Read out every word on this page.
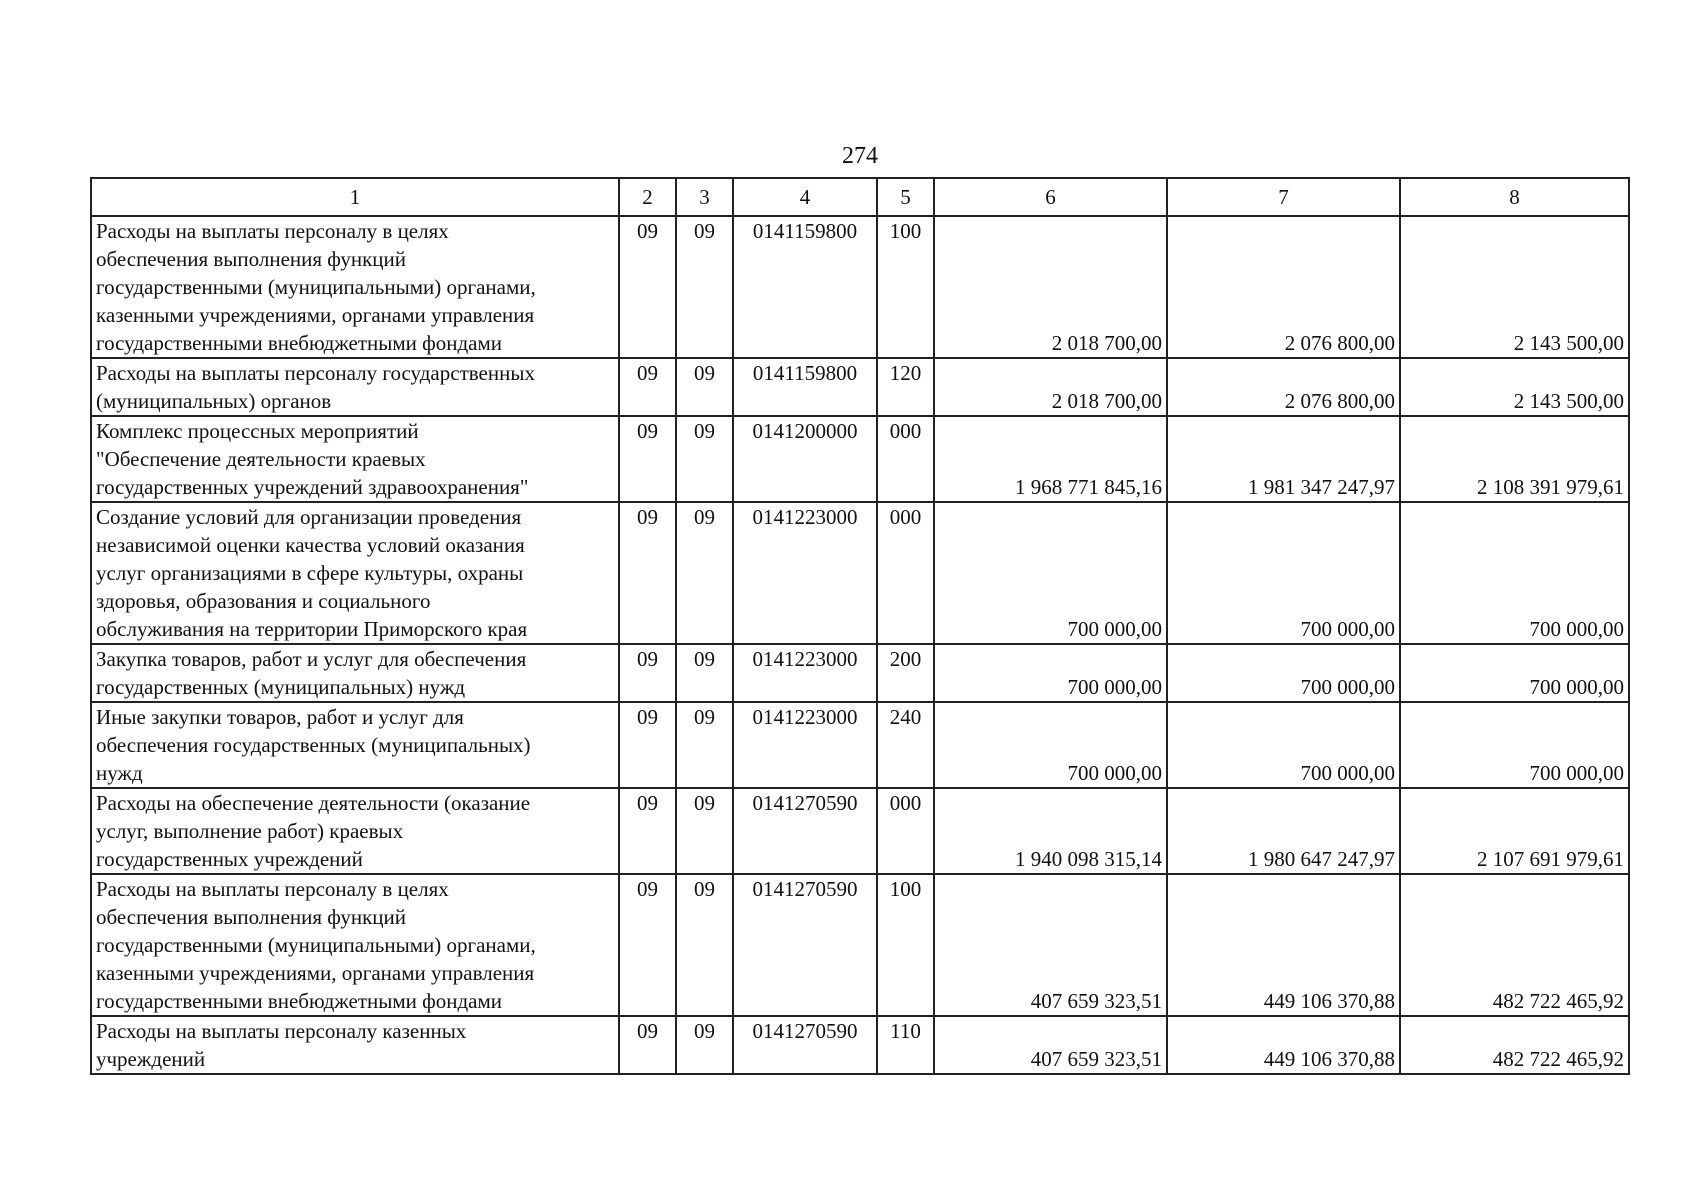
274
1	2	3	4	5	6	7	8

Расходы на выплаты персоналу в целях
обеспечения выполнения функций
государственными (муниципальными) органами,
казенными учреждениями, органами управления
государственными внебюджетными фондами	09	09	0141159800	100	2 018 700,00	2 076 800,00	2 143 500,00

Расходы на выплаты персоналу государственных
(муниципальных) органов	09	09	0141159800	120	2 018 700,00	2 076 800,00	2 143 500,00

Комплекс процессных мероприятий
"Обеспечение деятельности краевых
государственных учреждений здравоохранения"	09	09	0141200000	000	1 968 771 845,16	1 981 347 247,97	2 108 391 979,61

Создание условий для организации проведения
независимой оценки качества условий оказания
услуг организациями в сфере культуры, охраны
здоровья, образования и социального
обслуживания на территории Приморского края	09	09	0141223000	000	700 000,00	700 000,00	700 000,00

Закупка товаров, работ и услуг для обеспечения
государственных (муниципальных) нужд	09	09	0141223000	200	700 000,00	700 000,00	700 000,00

Иные закупки товаров, работ и услуг для
обеспечения государственных (муниципальных)
нужд	09	09	0141223000	240	700 000,00	700 000,00	700 000,00

Расходы на обеспечение деятельности (оказание
услуг, выполнение работ) краевых
государственных учреждений	09	09	0141270590	000	1 940 098 315,14	1 980 647 247,97	2 107 691 979,61

Расходы на выплаты персоналу в целях
обеспечения выполнения функций
государственными (муниципальными) органами,
казенными учреждениями, органами управления
государственными внебюджетными фондами	09	09	0141270590	100	407 659 323,51	449 106 370,88	482 722 465,92

Расходы на выплаты персоналу казенных
учреждений	09	09	0141270590	110	407 659 323,51	449 106 370,88	482 722 465,92
